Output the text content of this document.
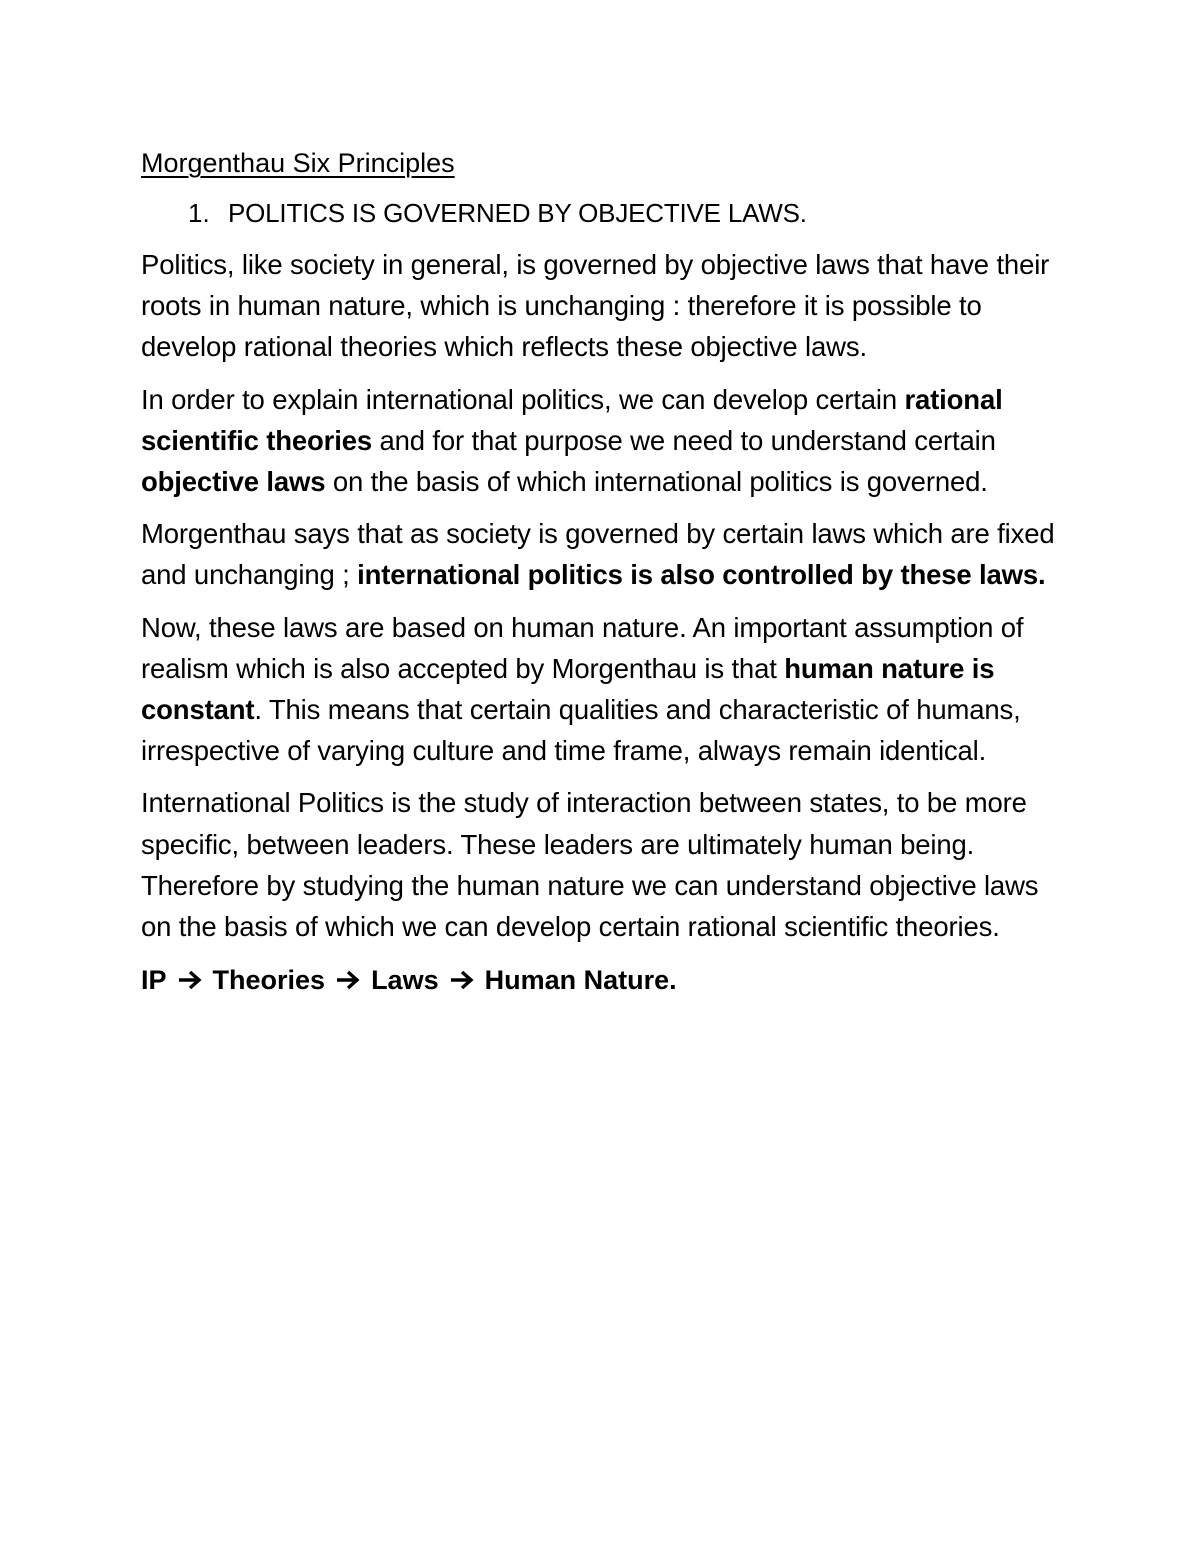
Morgenthau Six Principles
1. POLITICS IS GOVERNED BY OBJECTIVE LAWS.

Politics, like society in general, is governed by objective laws that have their roots in human nature, which is unchanging : therefore it is possible to develop rational theories which reflects these objective laws.

In order to explain international politics, we can develop certain rational scientific theories and for that purpose we need to understand certain objective laws on the basis of which international politics is governed.

Morgenthau says that as society is governed by certain laws which are fixed and unchanging ; international politics is also controlled by these laws.

Now, these laws are based on human nature. An important assumption of realism which is also accepted by Morgenthau is that human nature is constant. This means that certain qualities and characteristic of humans, irrespective of varying culture and time frame, always remain identical.

International Politics is the study of interaction between states, to be more specific, between leaders. These leaders are ultimately human being. Therefore by studying the human nature we can understand objective laws on the basis of which we can develop certain rational scientific theories.

IP Theories Laws Human Nature.
